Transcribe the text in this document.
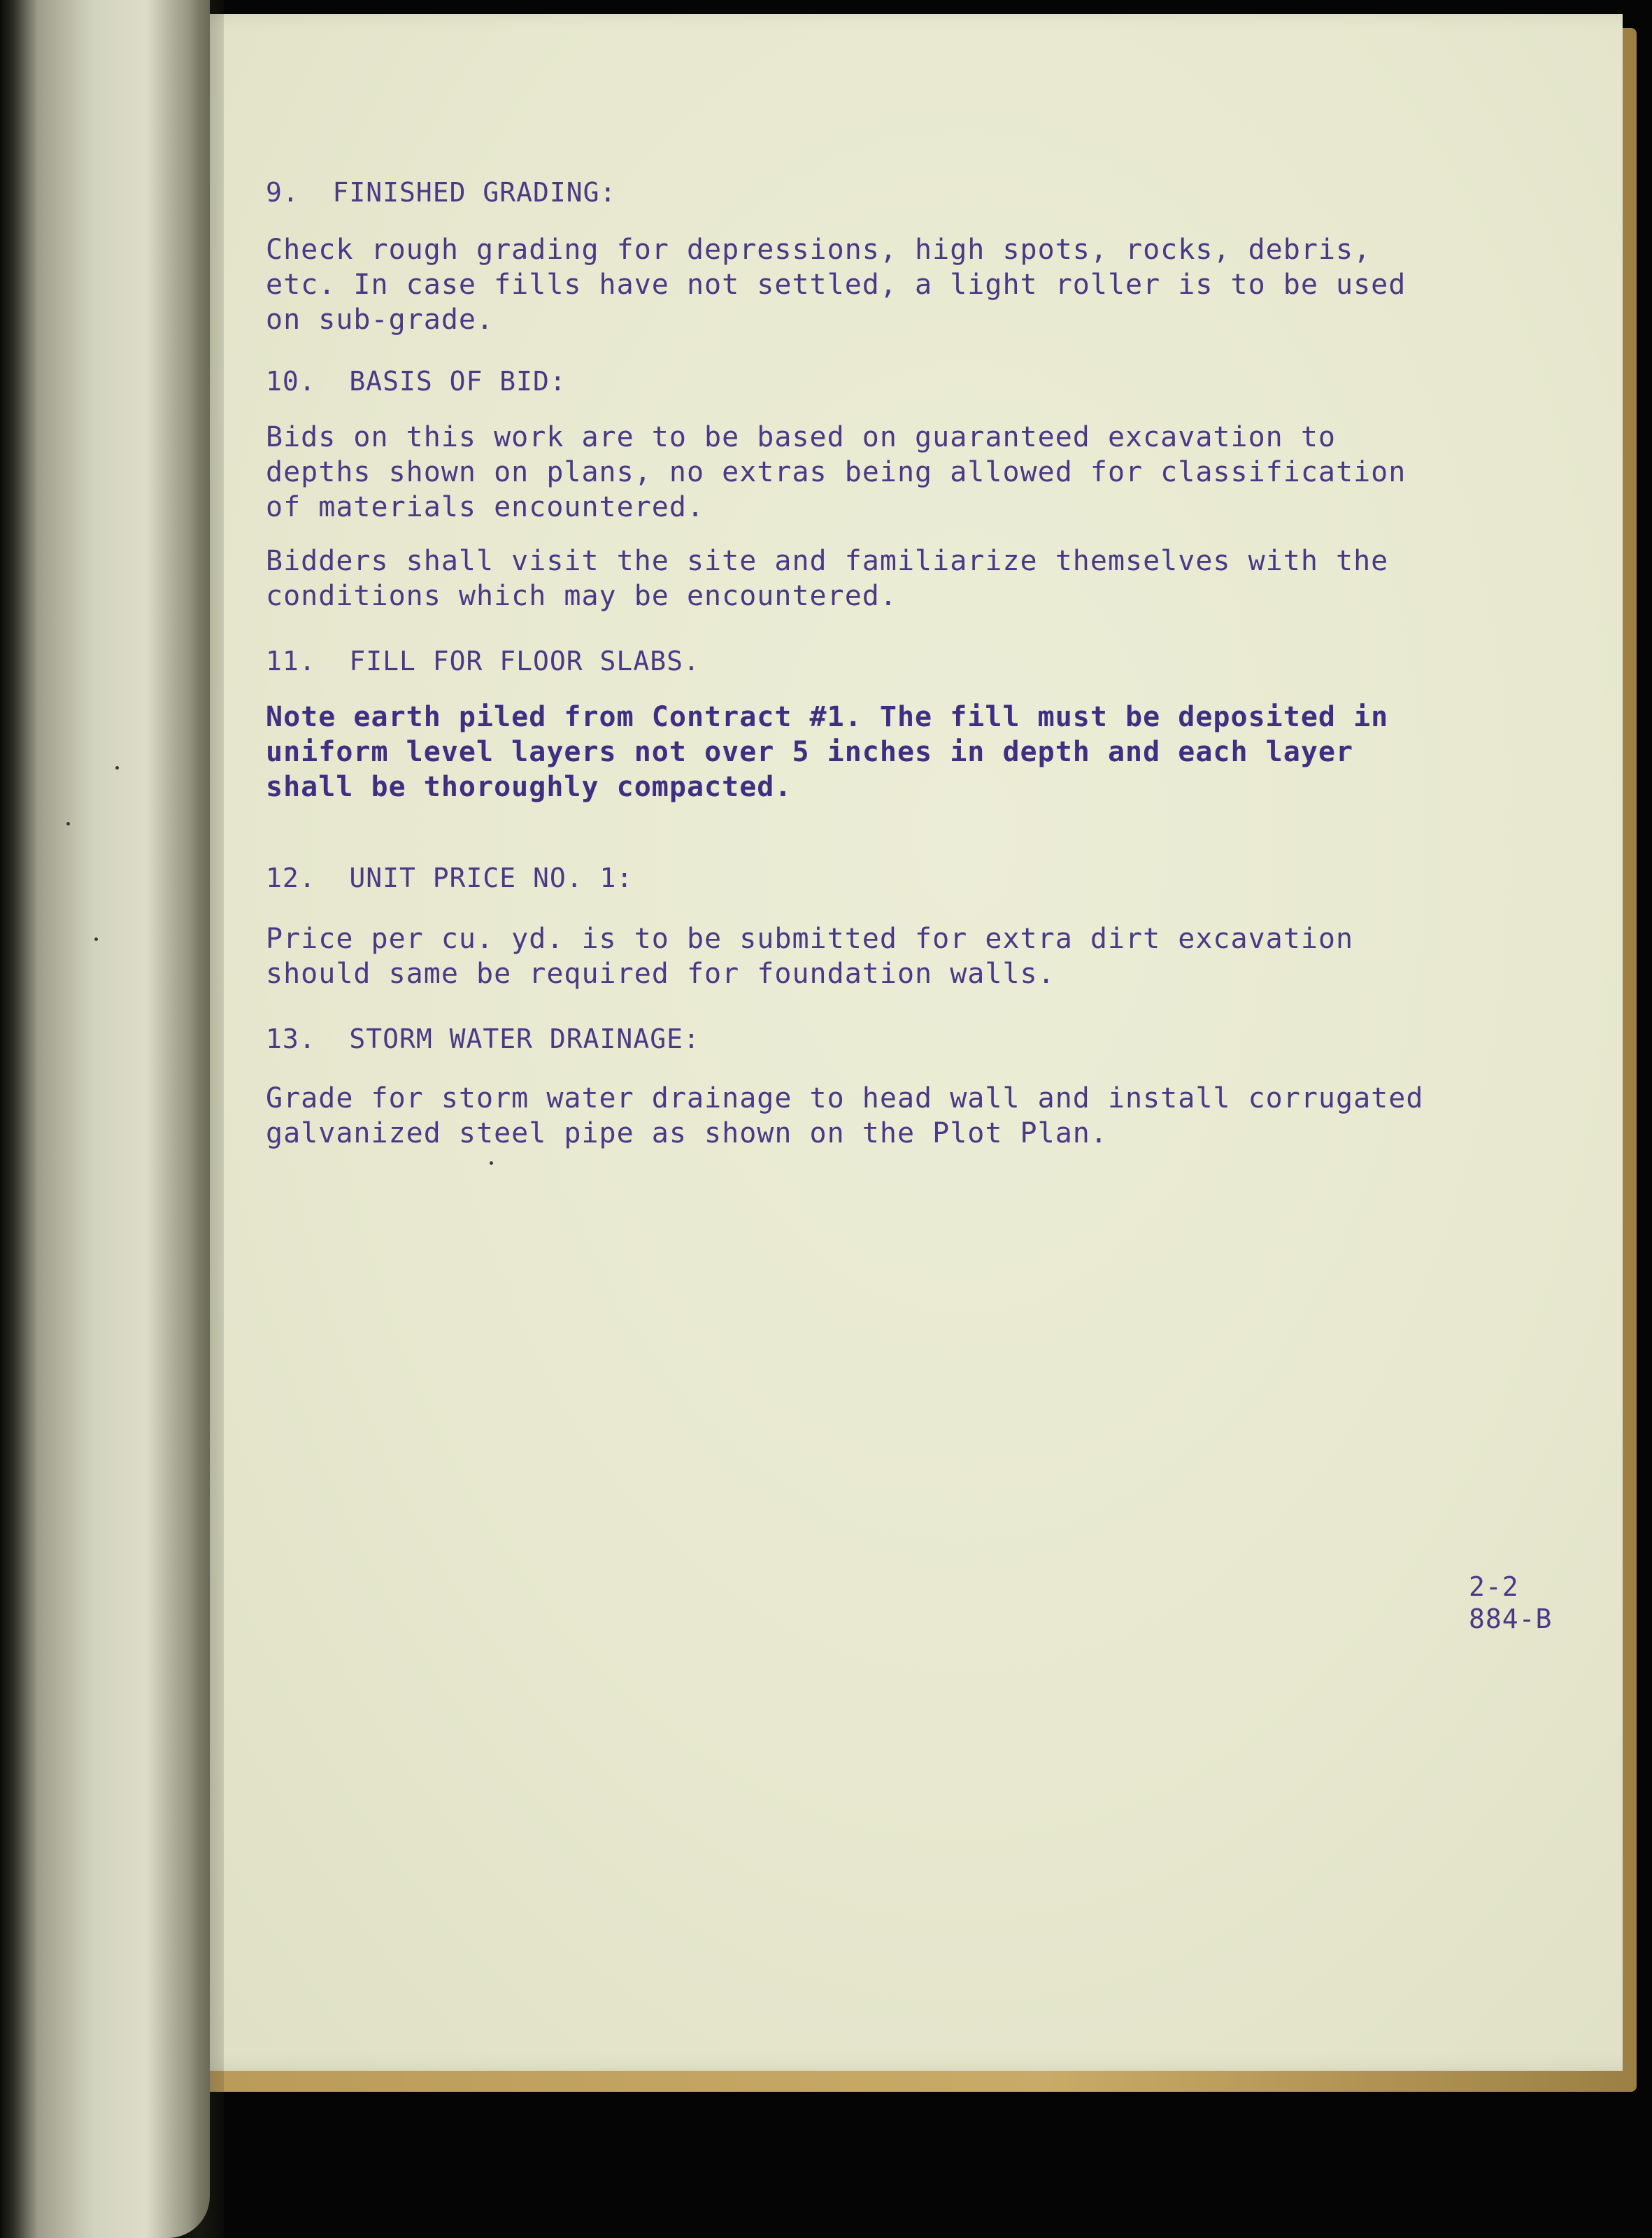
9.  FINISHED GRADING:

Check rough grading for depressions, high spots, rocks, debris,
etc. In case fills have not settled, a light roller is to be used
on sub-grade.

10.  BASIS OF BID:

Bids on this work are to be based on guaranteed excavation to
depths shown on plans, no extras being allowed for classification
of materials encountered.

Bidders shall visit the site and familiarize themselves with the
conditions which may be encountered.

11.  FILL FOR FLOOR SLABS.

Note earth piled from Contract #1. The fill must be deposited in
uniform level layers not over 5 inches in depth and each layer
shall be thoroughly compacted.

12.  UNIT PRICE NO. 1:

Price per cu. yd. is to be submitted for extra dirt excavation
should same be required for foundation walls.

13.  STORM WATER DRAINAGE:

Grade for storm water drainage to head wall and install corrugated
galvanized steel pipe as shown on the Plot Plan.

2-2
884-B
